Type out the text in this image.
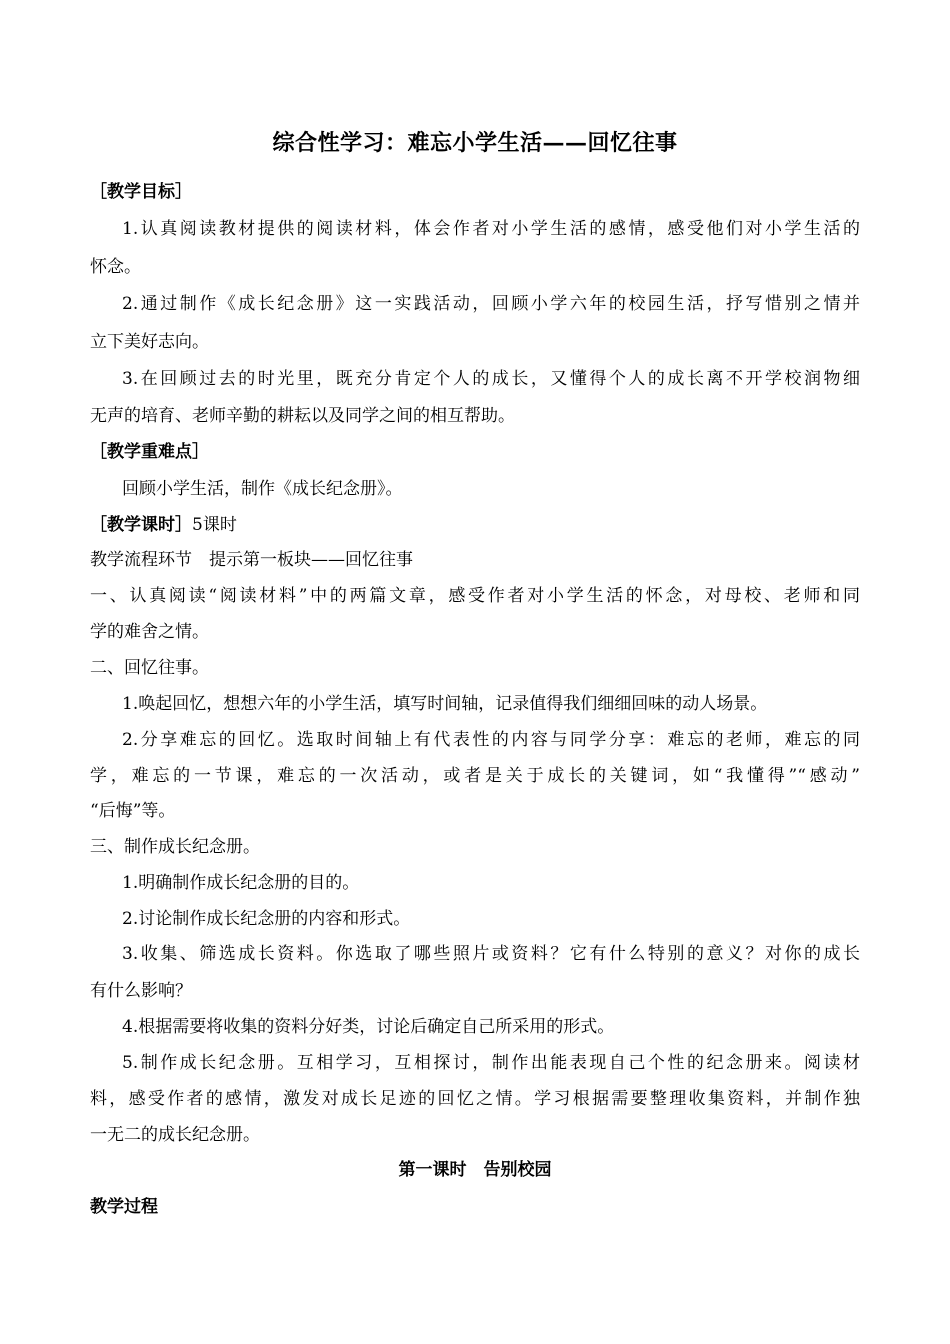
综合性学习：难忘小学生活——回忆往事
［教学目标］
1.认真阅读教材提供的阅读材料，体会作者对小学生活的感情，感受他们对小学生活的
怀念。
2.通过制作《成长纪念册》这一实践活动，回顾小学六年的校园生活，抒写惜别之情并
立下美好志向。
3.在回顾过去的时光里，既充分肯定个人的成长，又懂得个人的成长离不开学校润物细
无声的培育、老师辛勤的耕耘以及同学之间的相互帮助。
［教学重难点］
回顾小学生活，制作《成长纪念册》。
［教学课时］5课时
教学流程环节　提示第一板块——回忆往事
一、认真阅读“阅读材料”中的两篇文章，感受作者对小学生活的怀念，对母校、老师和同
学的难舍之情。
二、回忆往事。
1.唤起回忆，想想六年的小学生活，填写时间轴，记录值得我们细细回味的动人场景。
2.分享难忘的回忆。选取时间轴上有代表性的内容与同学分享：难忘的老师，难忘的同
学，难忘的一节课，难忘的一次活动，或者是关于成长的关键词，如“我懂得”“感动”
“后悔”等。
三、制作成长纪念册。
1.明确制作成长纪念册的目的。
2.讨论制作成长纪念册的内容和形式。
3.收集、筛选成长资料。你选取了哪些照片或资料？它有什么特别的意义？对你的成长
有什么影响？
4.根据需要将收集的资料分好类，讨论后确定自己所采用的形式。
5.制作成长纪念册。互相学习，互相探讨，制作出能表现自己个性的纪念册来。阅读材
料，感受作者的感情，激发对成长足迹的回忆之情。学习根据需要整理收集资料，并制作独
一无二的成长纪念册。
第一课时　告别校园
教学过程
